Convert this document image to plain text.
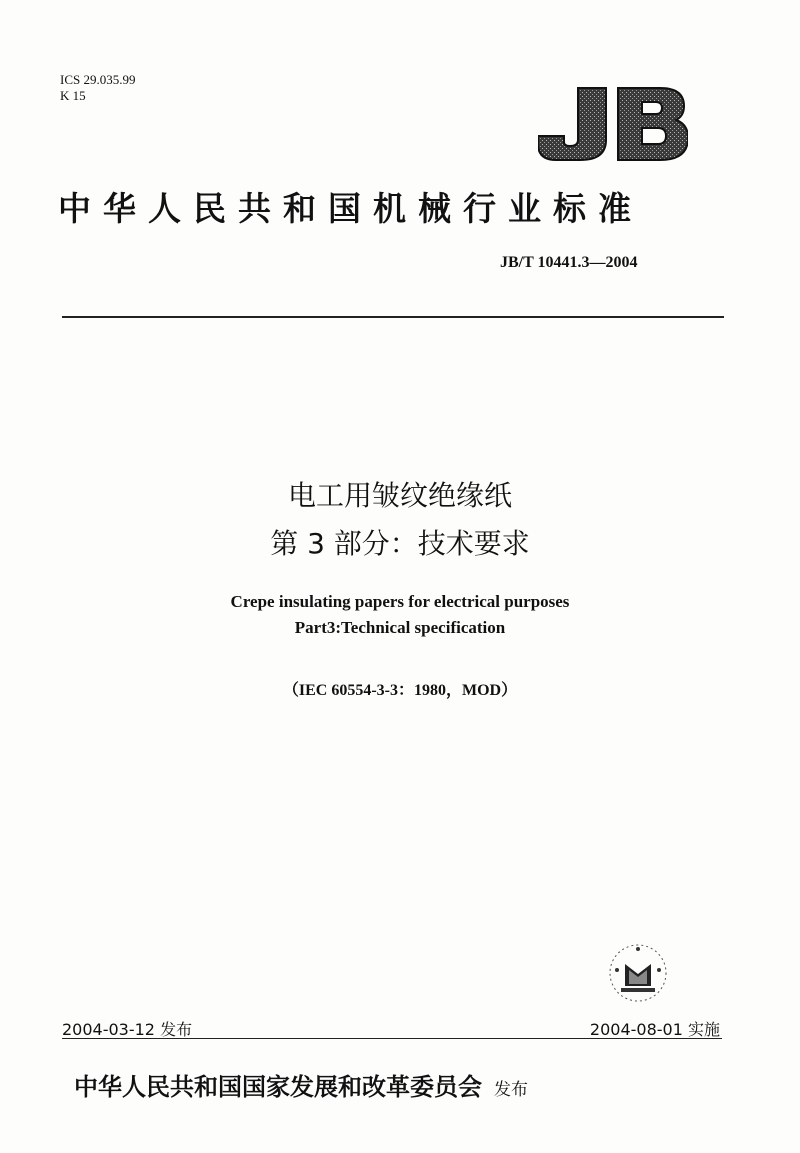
ICS 29.035.99
K 15
中华人民共和国机械行业标准
JB/T 10441.3—2004
电工用皱纹绝缘纸
第 3 部分：技术要求
Crepe insulating papers for electrical purposes
Part3:Technical specification
（IEC 60554-3-3：1980，MOD）
2004-03-12 发布	2004-08-01 实施
中华人民共和国国家发展和改革委员会 发布
